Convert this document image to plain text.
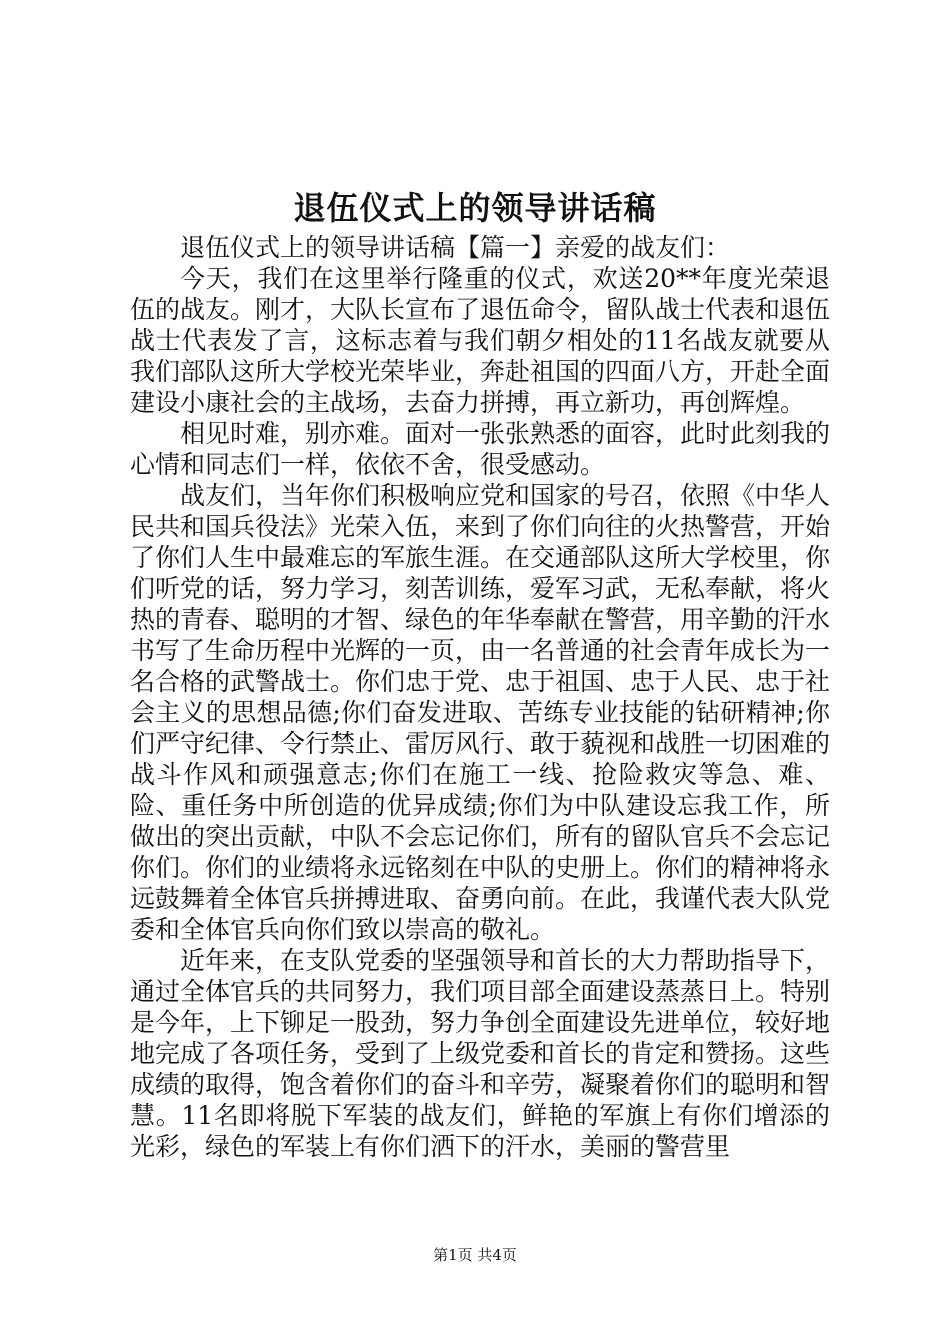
退伍仪式上的领导讲话稿

退伍仪式上的领导讲话稿【篇一】亲爱的战友们：

今天，我们在这里举行隆重的仪式，欢送20**年度光荣退伍的战友。刚才，大队长宣布了退伍命令，留队战士代表和退伍战士代表发了言，这标志着与我们朝夕相处的11名战友就要从我们部队这所大学校光荣毕业，奔赴祖国的四面八方，开赴全面建设小康社会的主战场，去奋力拼搏，再立新功，再创辉煌。

相见时难，别亦难。面对一张张熟悉的面容，此时此刻我的心情和同志们一样，依依不舍，很受感动。

战友们，当年你们积极响应党和国家的号召，依照《中华人民共和国兵役法》光荣入伍，来到了你们向往的火热警营，开始了你们人生中最难忘的军旅生涯。在交通部队这所大学校里，你们听党的话，努力学习，刻苦训练，爱军习武，无私奉献，将火热的青春、聪明的才智、绿色的年华奉献在警营，用辛勤的汗水书写了生命历程中光辉的一页，由一名普通的社会青年成长为一名合格的武警战士。你们忠于党、忠于祖国、忠于人民、忠于社会主义的思想品德;你们奋发进取、苦练专业技能的钻研精神;你们严守纪律、令行禁止、雷厉风行、敢于藐视和战胜一切困难的战斗作风和顽强意志;你们在施工一线、抢险救灾等急、难、险、重任务中所创造的优异成绩;你们为中队建设忘我工作，所做出的突出贡献，中队不会忘记你们，所有的留队官兵不会忘记你们。你们的业绩将永远铭刻在中队的史册上。你们的精神将永远鼓舞着全体官兵拼搏进取、奋勇向前。在此，我谨代表大队党委和全体官兵向你们致以崇高的敬礼。

近年来，在支队党委的坚强领导和首长的大力帮助指导下，通过全体官兵的共同努力，我们项目部全面建设蒸蒸日上。特别是今年，上下铆足一股劲，努力争创全面建设先进单位，较好地地完成了各项任务，受到了上级党委和首长的肯定和赞扬。这些成绩的取得，饱含着你们的奋斗和辛劳，凝聚着你们的聪明和智慧。11名即将脱下军装的战友们，鲜艳的军旗上有你们增添的光彩，绿色的军装上有你们洒下的汗水，美丽的警营里

第1页 共4页
